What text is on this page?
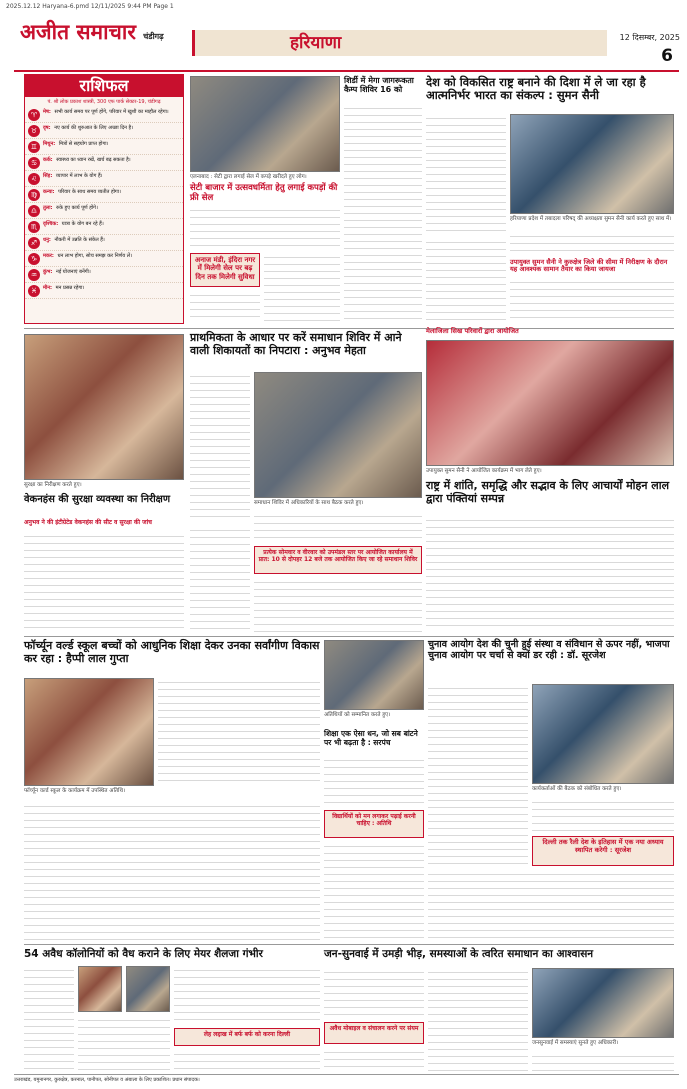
2025.12.12 Haryana-6.pmd 12/11/2025 9:44 PM Page 1
अजीत समाचार चंडीगढ़	हरियाणा	12 दिसम्बर, 2025
6
राशिफल
पं. श्री लोक प्रकाश शास्त्री, 300 एफ पार्क सेक्टर-19, चंडीगढ़
♈	मेष: सभी कार्य समय पर पूर्ण होंगे, परिवार में खुशी का माहौल रहेगा।
♉	वृष: नए कार्य की शुरुआत के लिए अच्छा दिन है।
♊	मिथुन: मित्रों से सहयोग प्राप्त होगा।
♋	कर्क: स्वास्थ्य का ध्यान रखें, खर्च बढ़ सकता है।
♌	सिंह: व्यापार में लाभ के योग हैं।
♍	कन्या: परिवार के साथ समय व्यतीत होगा।
♎	तुला: रुके हुए कार्य पूर्ण होंगे।
♏	वृश्चिक: यात्रा के योग बन रहे हैं।
♐	धनु: नौकरी में उन्नति के संकेत हैं।
♑	मकर: धन लाभ होगा, सोच समझ कर निर्णय लें।
♒	कुंभ: नई योजनाएं बनेंगी।
♓	मीन: मन प्रसन्न रहेगा।
एलनाबाद : सेटी द्वारा लगाई सेल में कपड़े खरीदते हुए लोग।
सेटी बाजार में उत्सवधर्मिता हेतु लगाई कपड़ों की फ्री सेल
अनाज मंडी, इंदिरा नगर में मिलेगी सेल पर बढ़ दिन तक मिलेगी सुविधा
शिर्डी में मेगा जागरूकता कैम्प शिविर 16 को
देश को विकसित राष्ट्र बनाने की दिशा में ले जा रहा है आत्मनिर्भर भारत का संकल्प : सुमन सैनी
हरियाणा प्रदेश में तबादला परिषद् की अध्यक्षता सुमन सैनी कार्य करते हुए साथ में।
उपायुक्त सुमन सैनी ने कुरुक्षेत्र जिले की सीमा में निरीक्षण के दौरान यह आवश्यक सामान तैयार का किया जायजा
प्राथमिकता के आधार पर करें समाधान शिविर में आने वाली शिकायतों का निपटारा : अनुभव मेहता
समाधान शिविर में अधिकारियों के साथ बैठक करते हुए।
प्रत्येक सोमवार व वीरवार को उपमंडल स्तर पर आयोजित कार्यालय में प्रात: 10 से दोपहर 12 बजे तक आयोजित किए जा रहे समाधान शिविर
सुरक्षा का निरीक्षण करते हुए।
वेकनहंस की सुरक्षा व्यवस्था का निरीक्षण
अनुभव ने की इंटीग्रेटेड वेकनहंस की सीट व सुरक्षा की जांच
मेलाजिला सिख परिवारों द्वारा आयोजित
उपायुक्त सुमन सैनी ने आयोजित कार्यक्रम में भाग लेते हुए।
राष्ट्र में शांति, समृद्धि और सद्भाव के लिए आचार्यों मोहन लाल द्वारा पंक्तियां सम्पन्न
फॉर्च्यून वर्ल्ड स्कूल बच्चों को आधुनिक शिक्षा देकर उनका सर्वांगीण विकास कर रहा : हैप्पी लाल गुप्ता
फॉर्च्यून वर्ल्ड स्कूल के कार्यक्रम में उपस्थित अतिथि।
अतिथियों को सम्मानित करते हुए।
शिक्षा एक ऐसा धन, जो सब बांटने पर भी बढ़ता है : सरपंच
विद्यार्थियों को मन लगाकर पढ़ाई करनी चाहिए : अतिथि
चुनाव आयोग देश की चुनी हुई संस्था व संविधान से ऊपर नहीं, भाजपा चुनाव आयोग पर चर्चा से क्यों डर रही : डॉ. सूरजेश
कार्यकर्ताओं की बैठक को संबोधित करते हुए।
दिल्ली तक रैली देश के इतिहास में एक नया अध्याय स्थापित करेगी : सूरजेश
54 अवैध कॉलोनियों को वैध कराने के लिए मेयर शैलजा गंभीर
लेह लद्दाख में बर्फ बर्फ को करना दिल्ली
जन-सुनवाई में उमड़ी भीड़, समस्याओं के त्वरित समाधान का आश्वासन
अवैध मोबाइल व संचालन करने पर संयम
जनसुनवाई में समस्याएं सुनते हुए अधिकारी।
उत्तराखंड, यमुनानगर, कुरुक्षेत्र, करनाल, पानीपत, सोनीपत व अंबाला के लिए प्रकाशित। प्रधान संपादक।
